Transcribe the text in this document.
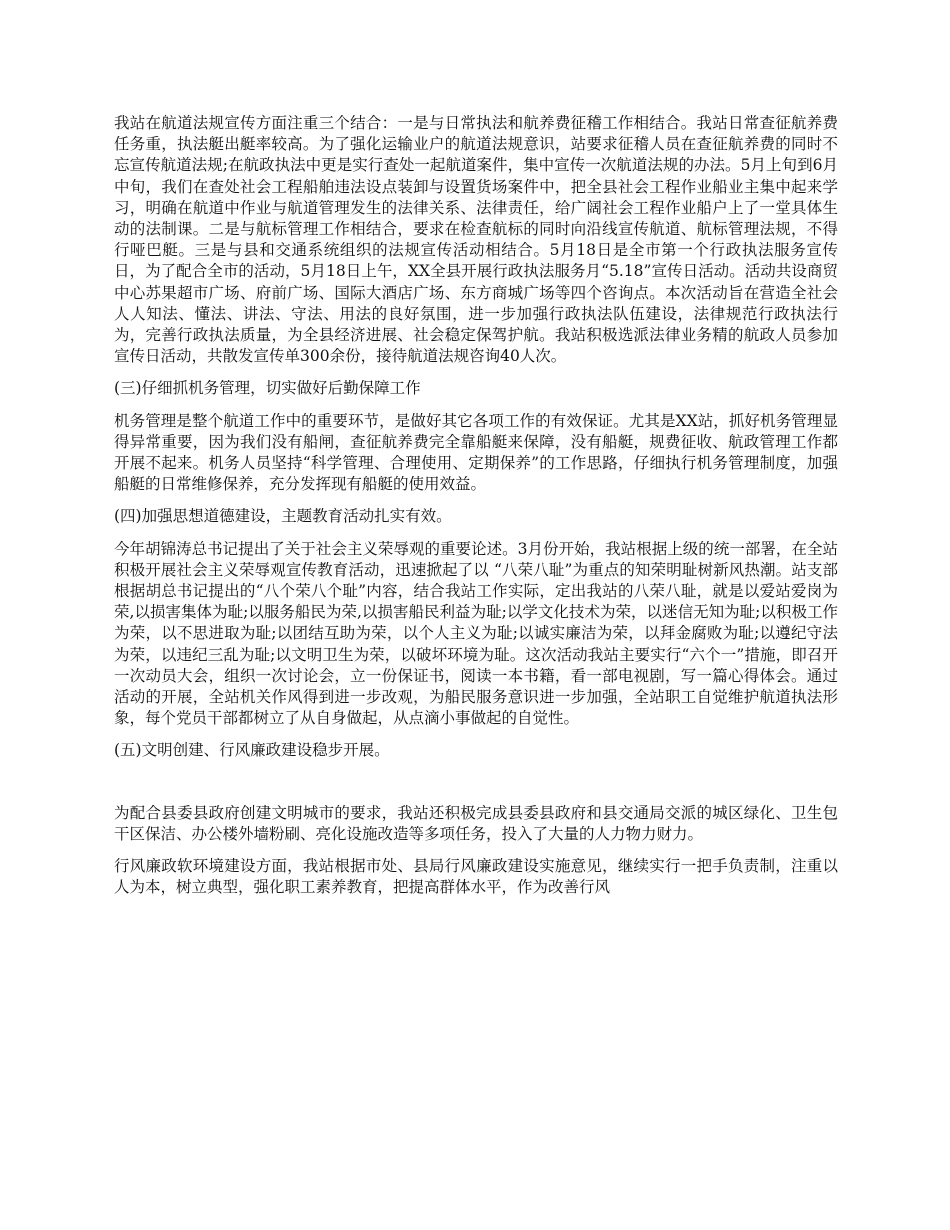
我站在航道法规宣传方面注重三个结合：一是与日常执法和航养费征稽工作相结合。我站日常查征航养费任务重，执法艇出艇率较高。为了强化运输业户的航道法规意识，站要求征稽人员在查征航养费的同时不忘宣传航道法规;在航政执法中更是实行查处一起航道案件，集中宣传一次航道法规的办法。5月上旬到6月中旬，我们在查处社会工程船舶违法设点装卸与设置货场案件中，把全县社会工程作业船业主集中起来学习，明确在航道中作业与航道管理发生的法律关系、法律责任，给广阔社会工程作业船户上了一堂具体生动的法制课。二是与航标管理工作相结合，要求在检查航标的同时向沿线宣传航道、航标管理法规，不得行哑巴艇。三是与县和交通系统组织的法规宣传活动相结合。5月18日是全市第一个行政执法服务宣传日，为了配合全市的活动，5月18日上午，XX全县开展行政执法服务月“5.18”宣传日活动。活动共设商贸中心苏果超市广场、府前广场、国际大酒店广场、东方商城广场等四个咨询点。本次活动旨在营造全社会人人知法、懂法、讲法、守法、用法的良好氛围，进一步加强行政执法队伍建设，法律规范行政执法行为，完善行政执法质量，为全县经济进展、社会稳定保驾护航。我站积极选派法律业务精的航政人员参加宣传日活动，共散发宣传单300余份，接待航道法规咨询40人次。

(三)仔细抓机务管理，切实做好后勤保障工作

机务管理是整个航道工作中的重要环节，是做好其它各项工作的有效保证。尤其是XX站，抓好机务管理显得异常重要，因为我们没有船闸，查征航养费完全靠船艇来保障，没有船艇，规费征收、航政管理工作都开展不起来。机务人员坚持“科学管理、合理使用、定期保养”的工作思路，仔细执行机务管理制度，加强船艇的日常维修保养，充分发挥现有船艇的使用效益。

(四)加强思想道德建设，主题教育活动扎实有效。

今年胡锦涛总书记提出了关于社会主义荣辱观的重要论述。3月份开始，我站根据上级的统一部署，在全站积极开展社会主义荣辱观宣传教育活动，迅速掀起了以 “八荣八耻”为重点的知荣明耻树新风热潮。站支部根据胡总书记提出的“八个荣八个耻”内容，结合我站工作实际，定出我站的八荣八耻，就是以爱站爱岗为荣,以损害集体为耻;以服务船民为荣,以损害船民利益为耻;以学文化技术为荣，以迷信无知为耻;以积极工作为荣，以不思进取为耻;以团结互助为荣，以个人主义为耻;以诚实廉洁为荣，以拜金腐败为耻;以遵纪守法为荣，以违纪三乱为耻;以文明卫生为荣，以破坏环境为耻。这次活动我站主要实行“六个一”措施，即召开一次动员大会，组织一次讨论会，立一份保证书，阅读一本书籍，看一部电视剧，写一篇心得体会。通过活动的开展，全站机关作风得到进一步改观，为船民服务意识进一步加强，全站职工自觉维护航道执法形象，每个党员干部都树立了从自身做起，从点滴小事做起的自觉性。

(五)文明创建、行风廉政建设稳步开展。

为配合县委县政府创建文明城市的要求，我站还积极完成县委县政府和县交通局交派的城区绿化、卫生包干区保洁、办公楼外墙粉刷、亮化设施改造等多项任务，投入了大量的人力物力财力。

行风廉政软环境建设方面，我站根据市处、县局行风廉政建设实施意见，继续实行一把手负责制，注重以人为本，树立典型，强化职工素养教育，把提高群体水平，作为改善行风
